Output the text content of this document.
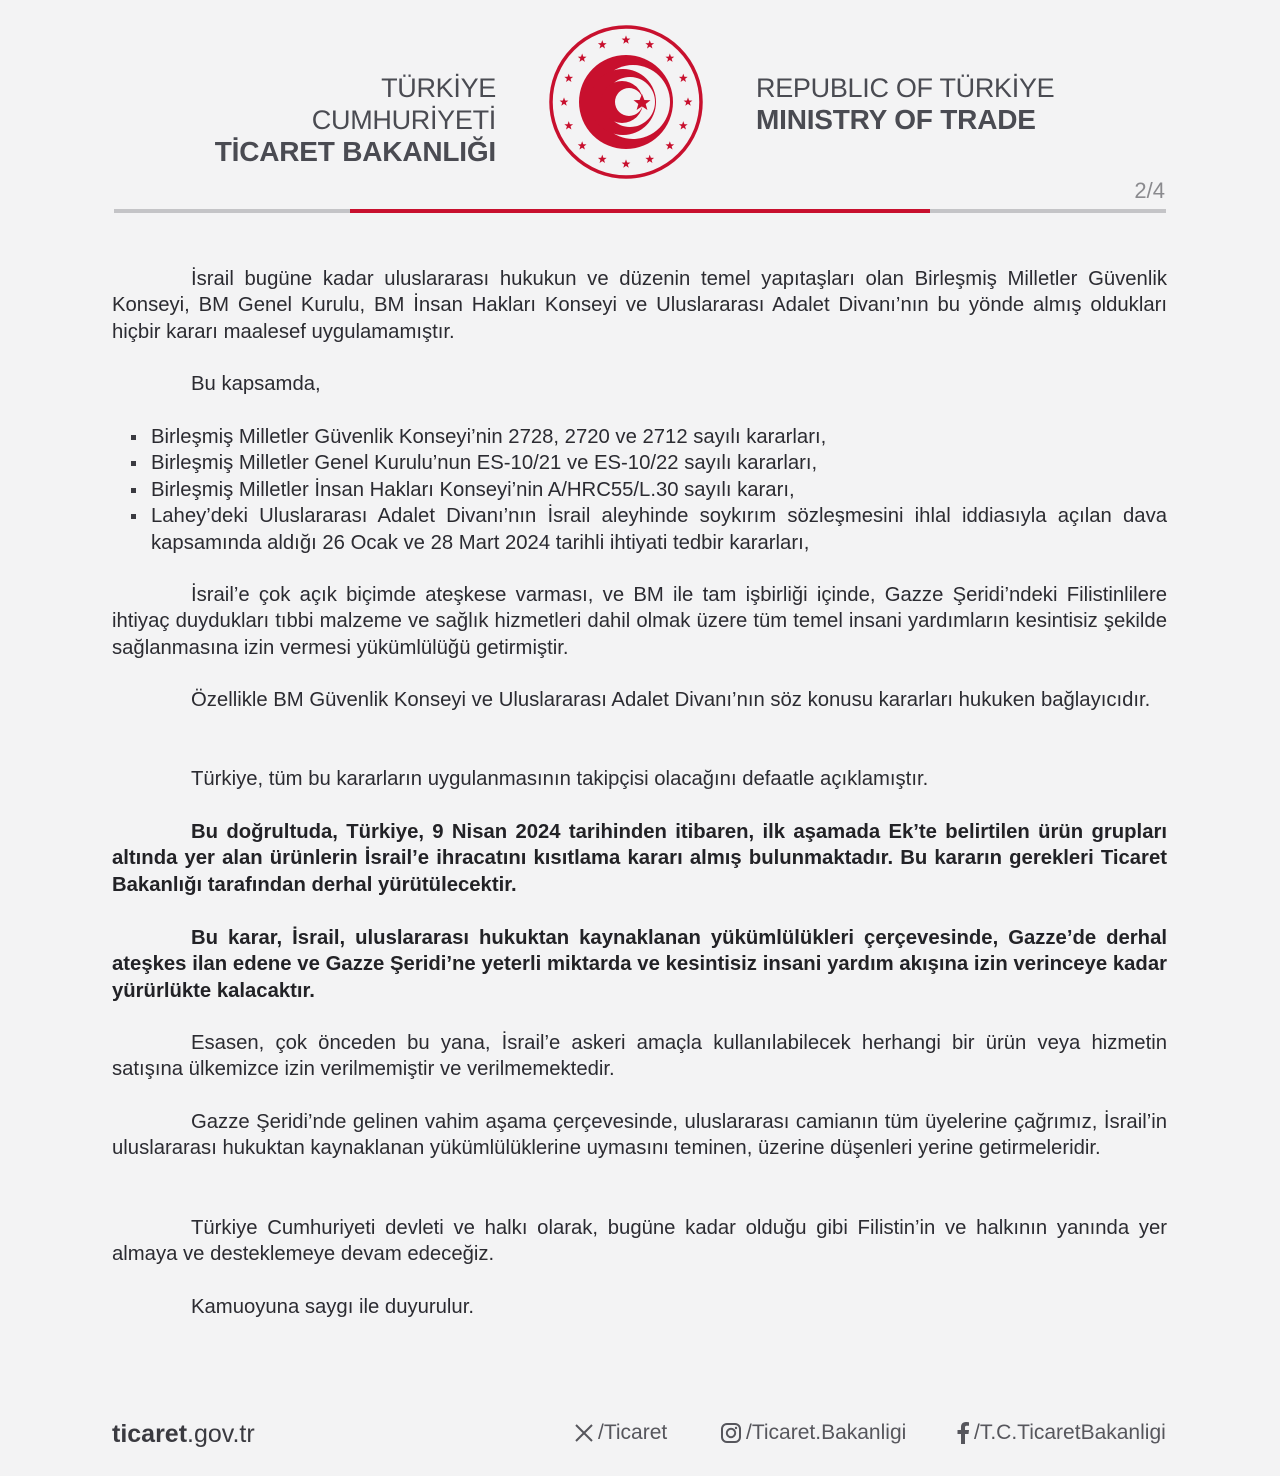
TÜRKİYE CUMHURİYETİ
TİCARET BAKANLIĞI
REPUBLIC OF TÜRKİYE
MINISTRY OF TRADE
2/4
İsrail bugüne kadar uluslararası hukukun ve düzenin temel yapıtaşları olan Birleşmiş Milletler Güvenlik Konseyi, BM Genel Kurulu, BM İnsan Hakları Konseyi ve Uluslararası Adalet Divanı’nın bu yönde almış oldukları hiçbir kararı maalesef uygulamamıştır.
Bu kapsamda,
Birleşmiş Milletler Güvenlik Konseyi’nin 2728, 2720 ve 2712 sayılı kararları,
Birleşmiş Milletler Genel Kurulu’nun ES-10/21 ve ES-10/22 sayılı kararları,
Birleşmiş Milletler İnsan Hakları Konseyi’nin A/HRC55/L.30 sayılı kararı,
Lahey’deki Uluslararası Adalet Divanı’nın İsrail aleyhinde soykırım sözleşmesini ihlal iddiasıyla açılan dava kapsamında aldığı 26 Ocak ve 28 Mart 2024 tarihli ihtiyati tedbir kararları,
İsrail’e çok açık biçimde ateşkese varması, ve BM ile tam işbirliği içinde, Gazze Şeridi’ndeki Filistinlilere ihtiyaç duydukları tıbbi malzeme ve sağlık hizmetleri dahil olmak üzere tüm temel insani yardımların kesintisiz şekilde sağlanmasına izin vermesi yükümlülüğü getirmiştir.
Özellikle BM Güvenlik Konseyi ve Uluslararası Adalet Divanı’nın söz konusu kararları hukuken bağlayıcıdır.
Türkiye, tüm bu kararların uygulanmasının takipçisi olacağını defaatle açıklamıştır.
Bu doğrultuda, Türkiye, 9 Nisan 2024 tarihinden itibaren, ilk aşamada Ek’te belirtilen ürün grupları altında yer alan ürünlerin İsrail’e ihracatını kısıtlama kararı almış bulunmaktadır. Bu kararın gerekleri Ticaret Bakanlığı tarafından derhal yürütülecektir.
Bu karar, İsrail, uluslararası hukuktan kaynaklanan yükümlülükleri çerçevesinde, Gazze’de derhal ateşkes ilan edene ve Gazze Şeridi’ne yeterli miktarda ve kesintisiz insani yardım akışına izin verinceye kadar yürürlükte kalacaktır.
Esasen, çok önceden bu yana, İsrail’e askeri amaçla kullanılabilecek herhangi bir ürün veya hizmetin satışına ülkemizce izin verilmemiştir ve verilmemektedir.
Gazze Şeridi’nde gelinen vahim aşama çerçevesinde, uluslararası camianın tüm üyelerine çağrımız, İsrail’in uluslararası hukuktan kaynaklanan yükümlülüklerine uymasını teminen, üzerine düşenleri yerine getirmeleridir.
Türkiye Cumhuriyeti devleti ve halkı olarak, bugüne kadar olduğu gibi Filistin’in ve halkının yanında yer almaya ve desteklemeye devam edeceğiz.
Kamuoyuna saygı ile duyurulur.
ticaret.gov.tr	/Ticaret	/Ticaret.Bakanligi	/T.C.TicaretBakanligi
